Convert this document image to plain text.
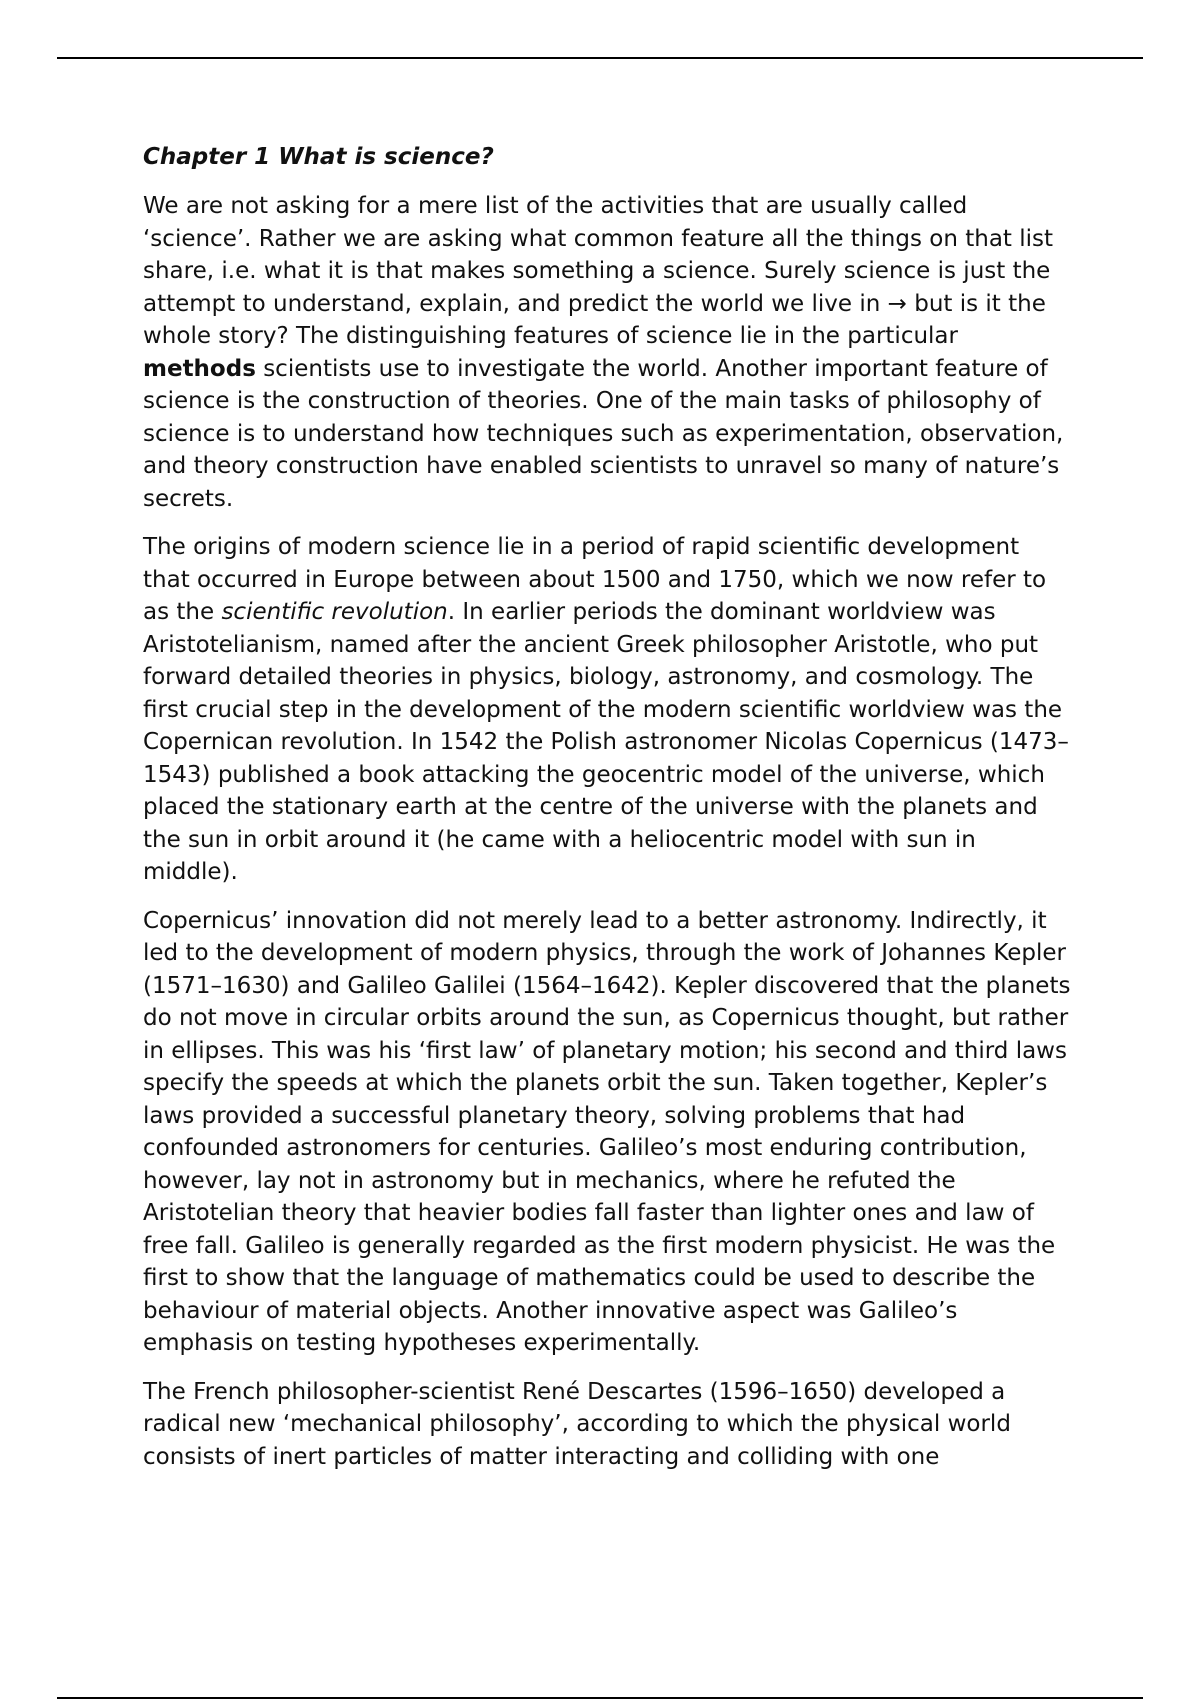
Chapter 1 What is science?

We are not asking for a mere list of the activities that are usually called ‘science’. Rather we are asking what common feature all the things on that list share, i.e. what it is that makes something a science. Surely science is just the attempt to understand, explain, and predict the world we live in → but is it the whole story? The distinguishing features of science lie in the particular methods scientists use to investigate the world. Another important feature of science is the construction of theories. One of the main tasks of philosophy of science is to understand how techniques such as experimentation, observation, and theory construction have enabled scientists to unravel so many of nature’s secrets.

The origins of modern science lie in a period of rapid scientific development that occurred in Europe between about 1500 and 1750, which we now refer to as the scientific revolution. In earlier periods the dominant worldview was Aristotelianism, named after the ancient Greek philosopher Aristotle, who put forward detailed theories in physics, biology, astronomy, and cosmology. The first crucial step in the development of the modern scientific worldview was the Copernican revolution. In 1542 the Polish astronomer Nicolas Copernicus (1473–1543) published a book attacking the geocentric model of the universe, which placed the stationary earth at the centre of the universe with the planets and the sun in orbit around it (he came with a heliocentric model with sun in middle).

Copernicus’ innovation did not merely lead to a better astronomy. Indirectly, it led to the development of modern physics, through the work of Johannes Kepler (1571–1630) and Galileo Galilei (1564–1642). Kepler discovered that the planets do not move in circular orbits around the sun, as Copernicus thought, but rather in ellipses. This was his ‘first law’ of planetary motion; his second and third laws specify the speeds at which the planets orbit the sun. Taken together, Kepler’s laws provided a successful planetary theory, solving problems that had confounded astronomers for centuries. Galileo’s most enduring contribution, however, lay not in astronomy but in mechanics, where he refuted the Aristotelian theory that heavier bodies fall faster than lighter ones and law of free fall. Galileo is generally regarded as the first modern physicist. He was the first to show that the language of mathematics could be used to describe the behaviour of material objects. Another innovative aspect was Galileo’s emphasis on testing hypotheses experimentally.

The French philosopher-scientist René Descartes (1596–1650) developed a radical new ‘mechanical philosophy’, according to which the physical world consists of inert particles of matter interacting and colliding with one
